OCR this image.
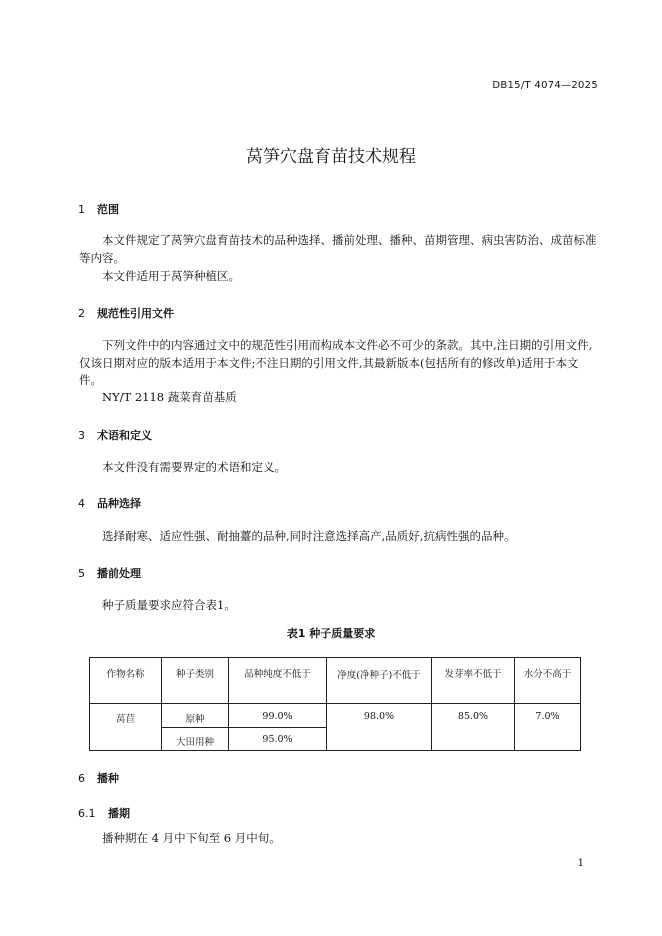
DB15/T 4074—2025
莴笋穴盘育苗技术规程
1 范围
本文件规定了莴笋穴盘育苗技术的品种选择、播前处理、播种、苗期管理、病虫害防治、成苗标准等内容。
本文件适用于莴笋种植区。
2 规范性引用文件
下列文件中的内容通过文中的规范性引用而构成本文件必不可少的条款。其中,注日期的引用文件,仅该日期对应的版本适用于本文件;不注日期的引用文件,其最新版本(包括所有的修改单)适用于本文件。
NY/T 2118 蔬菜育苗基质
3 术语和定义
本文件没有需要界定的术语和定义。
4 品种选择
选择耐寒、适应性强、耐抽薹的品种,同时注意选择高产,品质好,抗病性强的品种。
5 播前处理
种子质量要求应符合表1。
表1 种子质量要求
作物名称	种子类别	品种纯度不低于	净度(净种子)不低于	发芽率不低于	水分不高于
莴苣	原种	99.0%	98.0%	85.0%	7.0%
	大田用种	95.0%			
6 播种
6.1 播期
播种期在 4 月中下旬至 6 月中旬。
1
